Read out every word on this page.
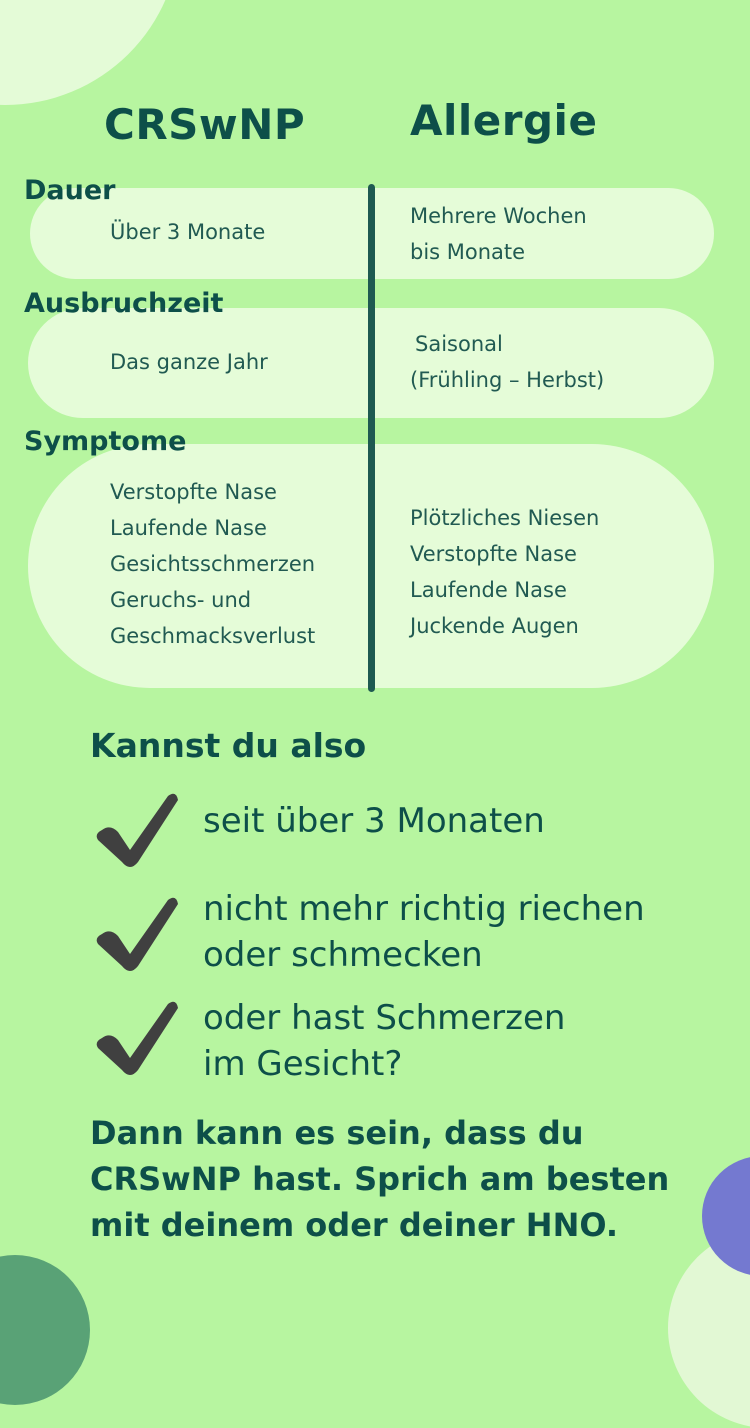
CRSwNP Allergie
Dauer
Ausbruchzeit
Symptome
Über 3 Monate
Mehrere Wochen
bis Monate
Das ganze Jahr
Saisonal
(Frühling – Herbst)
Verstopfte Nase
Laufende Nase
Gesichtsschmerzen
Geruchs- und
Geschmacksverlust
Plötzliches Niesen
Verstopfte Nase
Laufende Nase
Juckende Augen
Kannst du also
seit über 3 Monaten
nicht mehr richtig riechen
oder schmecken
oder hast Schmerzen
im Gesicht?
Dann kann es sein, dass du
CRSwNP hast. Sprich am besten
mit deinem oder deiner HNO.
